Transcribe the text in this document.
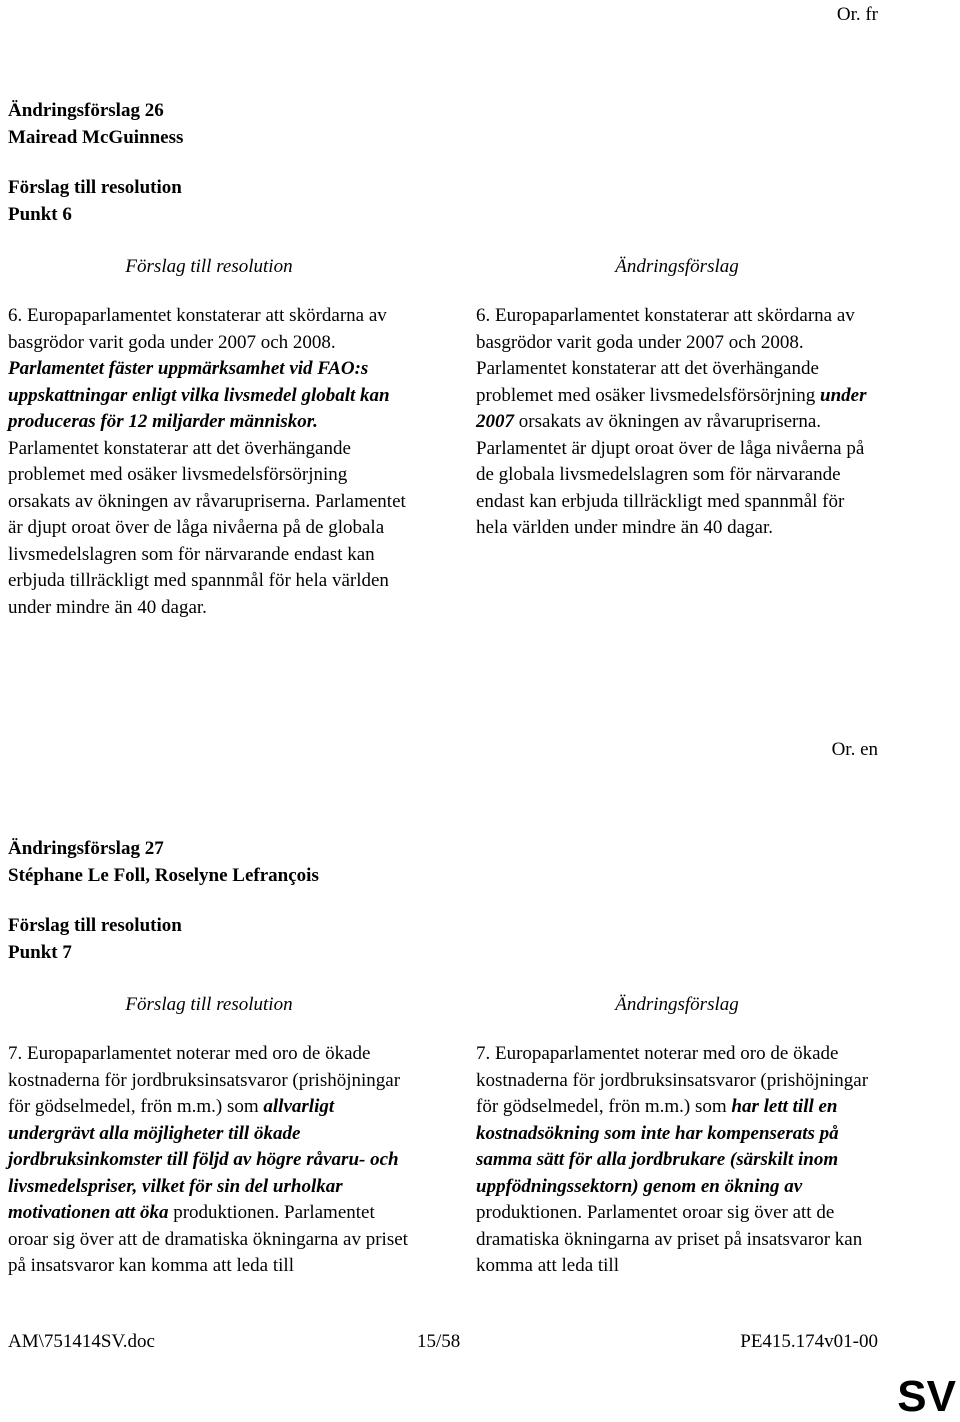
Or. fr
Ändringsförslag 26
Mairead McGuinness
Förslag till resolution
Punkt 6
Förslag till resolution	Ändringsförslag
6. Europaparlamentet konstaterar att skördarna av basgrödor varit goda under 2007 och 2008. Parlamentet fäster uppmärksamhet vid FAO:s uppskattningar enligt vilka livsmedel globalt kan produceras för 12 miljarder människor. Parlamentet konstaterar att det överhängande problemet med osäker livsmedelsförsörjning orsakats av ökningen av råvarupriserna. Parlamentet är djupt oroat över de låga nivåerna på de globala livsmedelslagren som för närvarande endast kan erbjuda tillräckligt med spannmål för hela världen under mindre än 40 dagar.
6. Europaparlamentet konstaterar att skördarna av basgrödor varit goda under 2007 och 2008. Parlamentet konstaterar att det överhängande problemet med osäker livsmedelsförsörjning under 2007 orsakats av ökningen av råvarupriserna. Parlamentet är djupt oroat över de låga nivåerna på de globala livsmedelslagren som för närvarande endast kan erbjuda tillräckligt med spannmål för hela världen under mindre än 40 dagar.
Or. en
Ändringsförslag 27
Stéphane Le Foll, Roselyne Lefrançois
Förslag till resolution
Punkt 7
Förslag till resolution	Ändringsförslag
7. Europaparlamentet noterar med oro de ökade kostnaderna för jordbruksinsatsvaror (prishöjningar för gödselmedel, frön m.m.) som allvarligt undergrävt alla möjligheter till ökade jordbruksinkomster till följd av högre råvaru- och livsmedelspriser, vilket för sin del urholkar motivationen att öka produktionen. Parlamentet oroar sig över att de dramatiska ökningarna av priset på insatsvaror kan komma att leda till
7. Europaparlamentet noterar med oro de ökade kostnaderna för jordbruksinsatsvaror (prishöjningar för gödselmedel, frön m.m.) som har lett till en kostnadsökning som inte har kompenserats på samma sätt för alla jordbrukare (särskilt inom uppfödningssektorn) genom en ökning av produktionen. Parlamentet oroar sig över att de dramatiska ökningarna av priset på insatsvaror kan komma att leda till
AM\751414SV.doc	15/58	PE415.174v01-00
SV
